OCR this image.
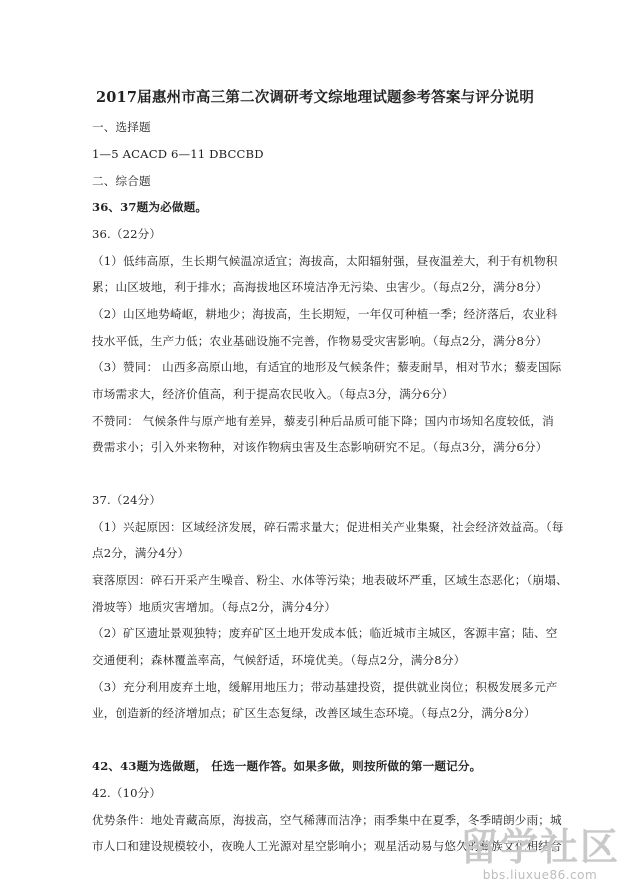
2017届惠州市高三第二次调研考文综地理试题参考答案与评分说明
一、选择题
1—5 ACACD 6—11 DBCCBD
二、综合题
36、37题为必做题。
36.（22分）
（1）低纬高原，生长期气候温凉适宜；海拔高，太阳辐射强，昼夜温差大，利于有机物积
累；山区坡地，利于排水；高海拔地区环境洁净无污染、虫害少。（每点2分，满分8分）
（2）山区地势崎岖，耕地少；海拔高，生长期短，一年仅可种植一季；经济落后，农业科
技水平低，生产力低；农业基础设施不完善，作物易受灾害影响。（每点2分，满分8分）
（3）赞同： 山西多高原山地，有适宜的地形及气候条件；藜麦耐旱，相对节水；藜麦国际
市场需求大，经济价值高，利于提高农民收入。（每点3分，满分6分）
不赞同： 气候条件与原产地有差异，藜麦引种后品质可能下降；国内市场知名度较低，消
费需求小；引入外来物种，对该作物病虫害及生态影响研究不足。（每点3分，满分6分）
37.（24分）
（1）兴起原因：区域经济发展，碎石需求量大；促进相关产业集聚，社会经济效益高。（每
点2分，满分4分）
衰落原因：碎石开采产生噪音、粉尘、水体等污染；地表破坏严重，区域生态恶化；（崩塌、
滑坡等）地质灾害增加。（每点2分，满分4分）
（2）矿区遗址景观独特；废弃矿区土地开发成本低；临近城市主城区，客源丰富；陆、空
交通便利；森林覆盖率高，气候舒适，环境优美。（每点2分，满分8分）
（3）充分利用废弃土地，缓解用地压力；带动基建投资，提供就业岗位；积极发展多元产
业，创造新的经济增加点；矿区生态复绿，改善区域生态环境。（每点2分，满分8分）
42、43题为选做题， 任选一题作答。如果多做，则按所做的第一题记分。
42.（10分）
优势条件：地处青藏高原，海拔高，空气稀薄而洁净；雨季集中在夏季，冬季晴朗少雨；城
市人口和建设规模较小，夜晚人工光源对星空影响小；观星活动易与悠久的藏族文化相结合，
留学社区
bbs.liuxue86.com
